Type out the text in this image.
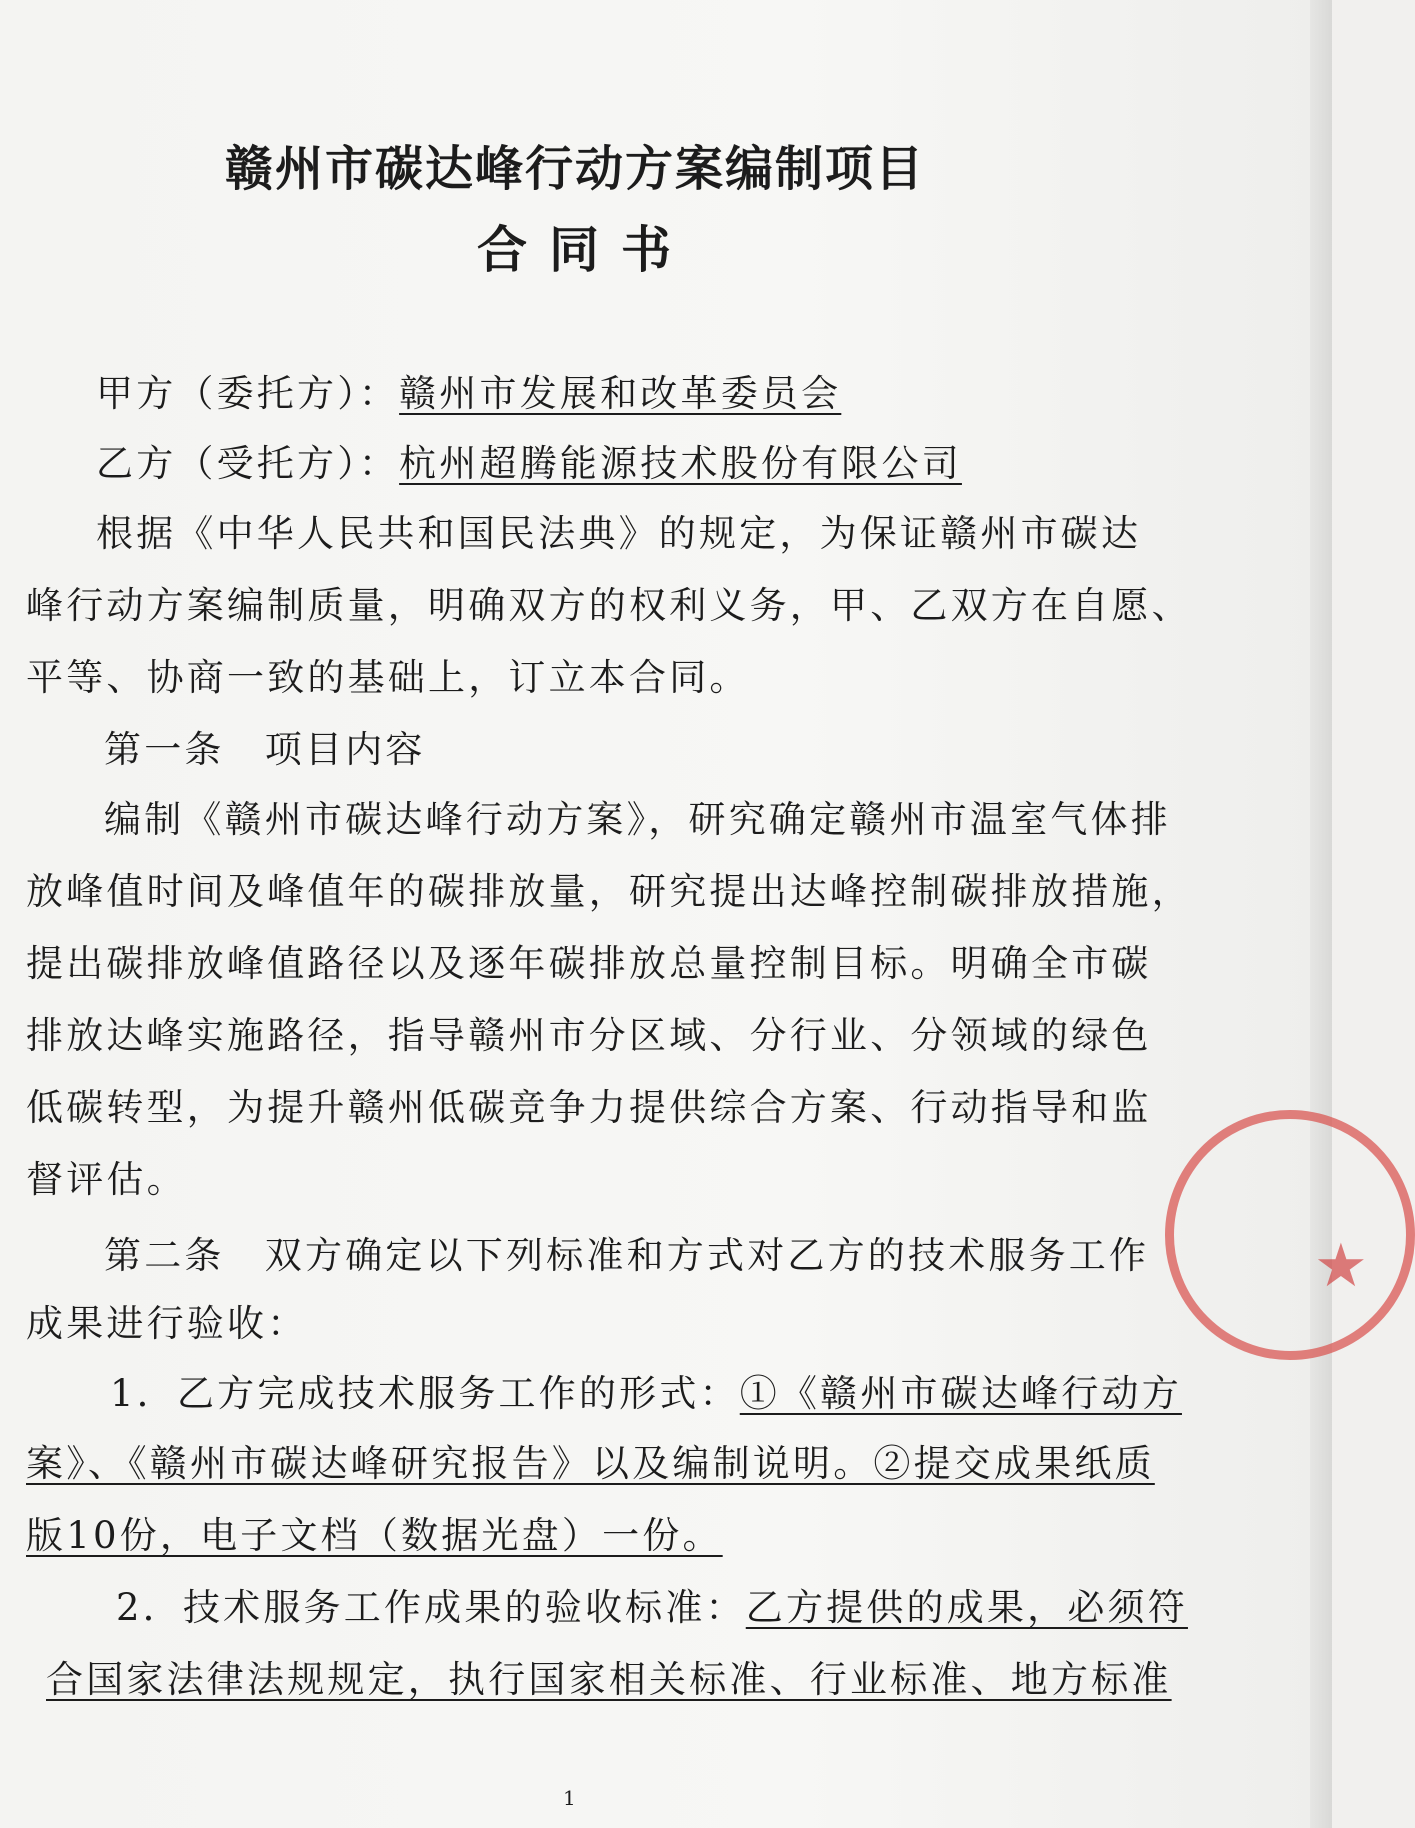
赣州市碳达峰行动方案编制项目
合同书
甲方（委托方）：赣州市发展和改革委员会
乙方（受托方）：杭州超腾能源技术股份有限公司
根据《中华人民共和国民法典》的规定，为保证赣州市碳达
峰行动方案编制质量，明确双方的权利义务，甲、乙双方在自愿、
平等、协商一致的基础上，订立本合同。
第一条　项目内容
编制《赣州市碳达峰行动方案》，研究确定赣州市温室气体排
放峰值时间及峰值年的碳排放量，研究提出达峰控制碳排放措施，
提出碳排放峰值路径以及逐年碳排放总量控制目标。明确全市碳
排放达峰实施路径，指导赣州市分区域、分行业、分领域的绿色
低碳转型，为提升赣州低碳竞争力提供综合方案、行动指导和监
督评估。
第二条　双方确定以下列标准和方式对乙方的技术服务工作
成果进行验收：
1．乙方完成技术服务工作的形式：①《赣州市碳达峰行动方
案》、《赣州市碳达峰研究报告》以及编制说明。②提交成果纸质
版10份，电子文档（数据光盘）一份。
2．技术服务工作成果的验收标准：乙方提供的成果，必须符
合国家法律法规规定，执行国家相关标准、行业标准、地方标准
1
★
